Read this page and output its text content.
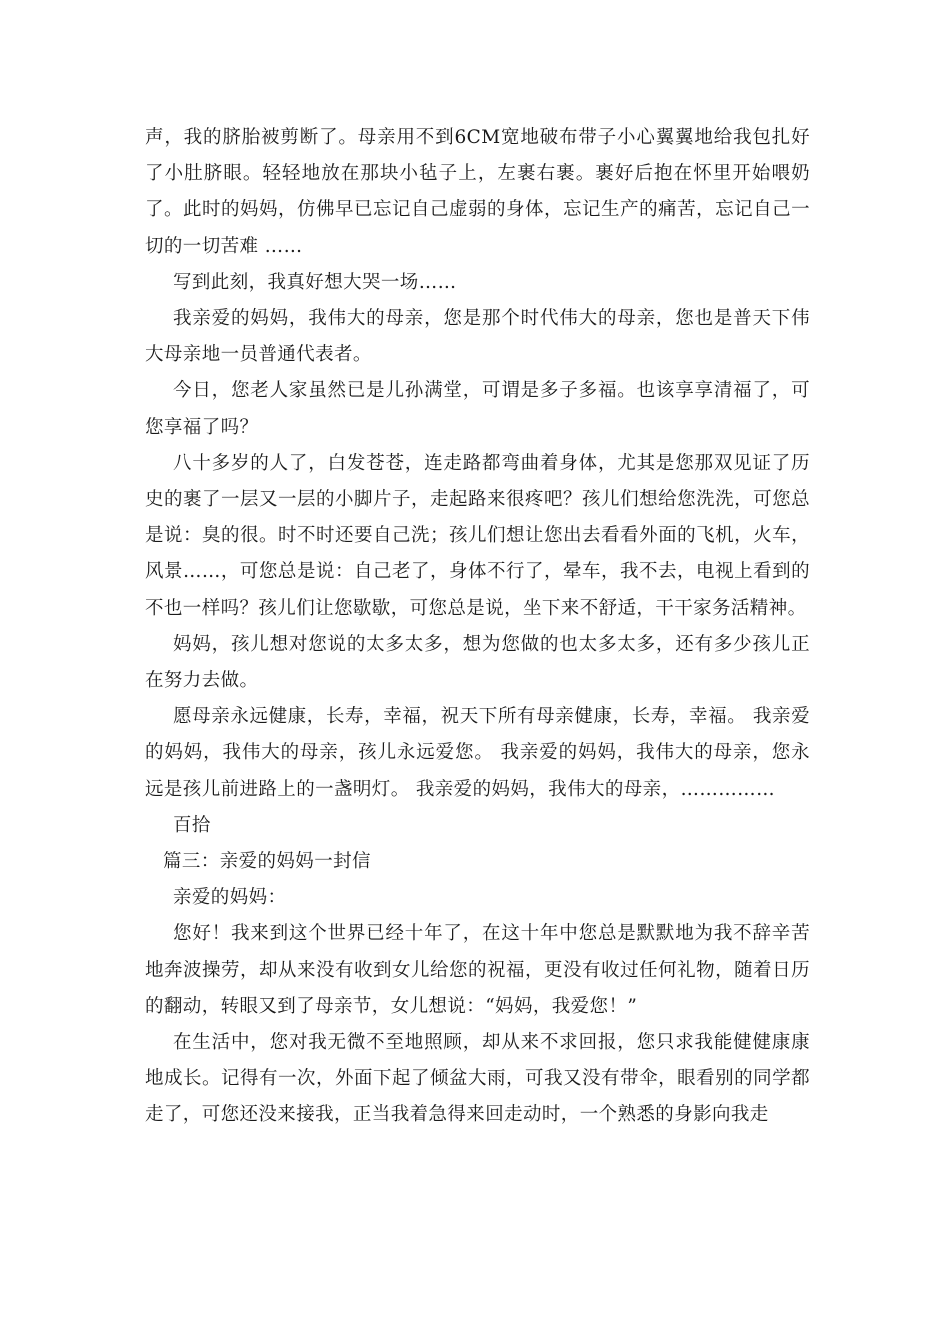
声，我的脐胎被剪断了。母亲用不到6CM宽地破布带子小心翼翼地给我包扎好了小肚脐眼。轻轻地放在那块小毡子上，左裹右裹。裹好后抱在怀里开始喂奶了。此时的妈妈，仿佛早已忘记自己虚弱的身体，忘记生产的痛苦，忘记自己一切的一切苦难 ……

写到此刻，我真好想大哭一场……

我亲爱的妈妈，我伟大的母亲，您是那个时代伟大的母亲，您也是普天下伟大母亲地一员普通代表者。

今日，您老人家虽然已是儿孙满堂，可谓是多子多福。也该享享清福了，可您享福了吗？

八十多岁的人了，白发苍苍，连走路都弯曲着身体，尤其是您那双见证了历史的裹了一层又一层的小脚片子，走起路来很疼吧？孩儿们想给您洗洗，可您总是说：臭的很。时不时还要自己洗；孩儿们想让您出去看看外面的飞机，火车，风景……，可您总是说：自己老了，身体不行了，晕车，我不去，电视上看到的不也一样吗？孩儿们让您歇歇，可您总是说，坐下来不舒适，干干家务活精神。

妈妈，孩儿想对您说的太多太多，想为您做的也太多太多，还有多少孩儿正在努力去做。

愿母亲永远健康，长寿，幸福，祝天下所有母亲健康，长寿，幸福。 我亲爱的妈妈，我伟大的母亲，孩儿永远爱您。 我亲爱的妈妈，我伟大的母亲，您永远是孩儿前进路上的一盏明灯。 我亲爱的妈妈，我伟大的母亲，……………

百拾

篇三：亲爱的妈妈一封信

亲爱的妈妈：

您好！我来到这个世界已经十年了，在这十年中您总是默默地为我不辞辛苦地奔波操劳，却从来没有收到女儿给您的祝福，更没有收过任何礼物，随着日历的翻动，转眼又到了母亲节，女儿想说：“妈妈，我爱您！”

在生活中，您对我无微不至地照顾，却从来不求回报，您只求我能健健康康地成长。记得有一次，外面下起了倾盆大雨，可我又没有带伞，眼看别的同学都走了，可您还没来接我，正当我着急得来回走动时，一个熟悉的身影向我走
